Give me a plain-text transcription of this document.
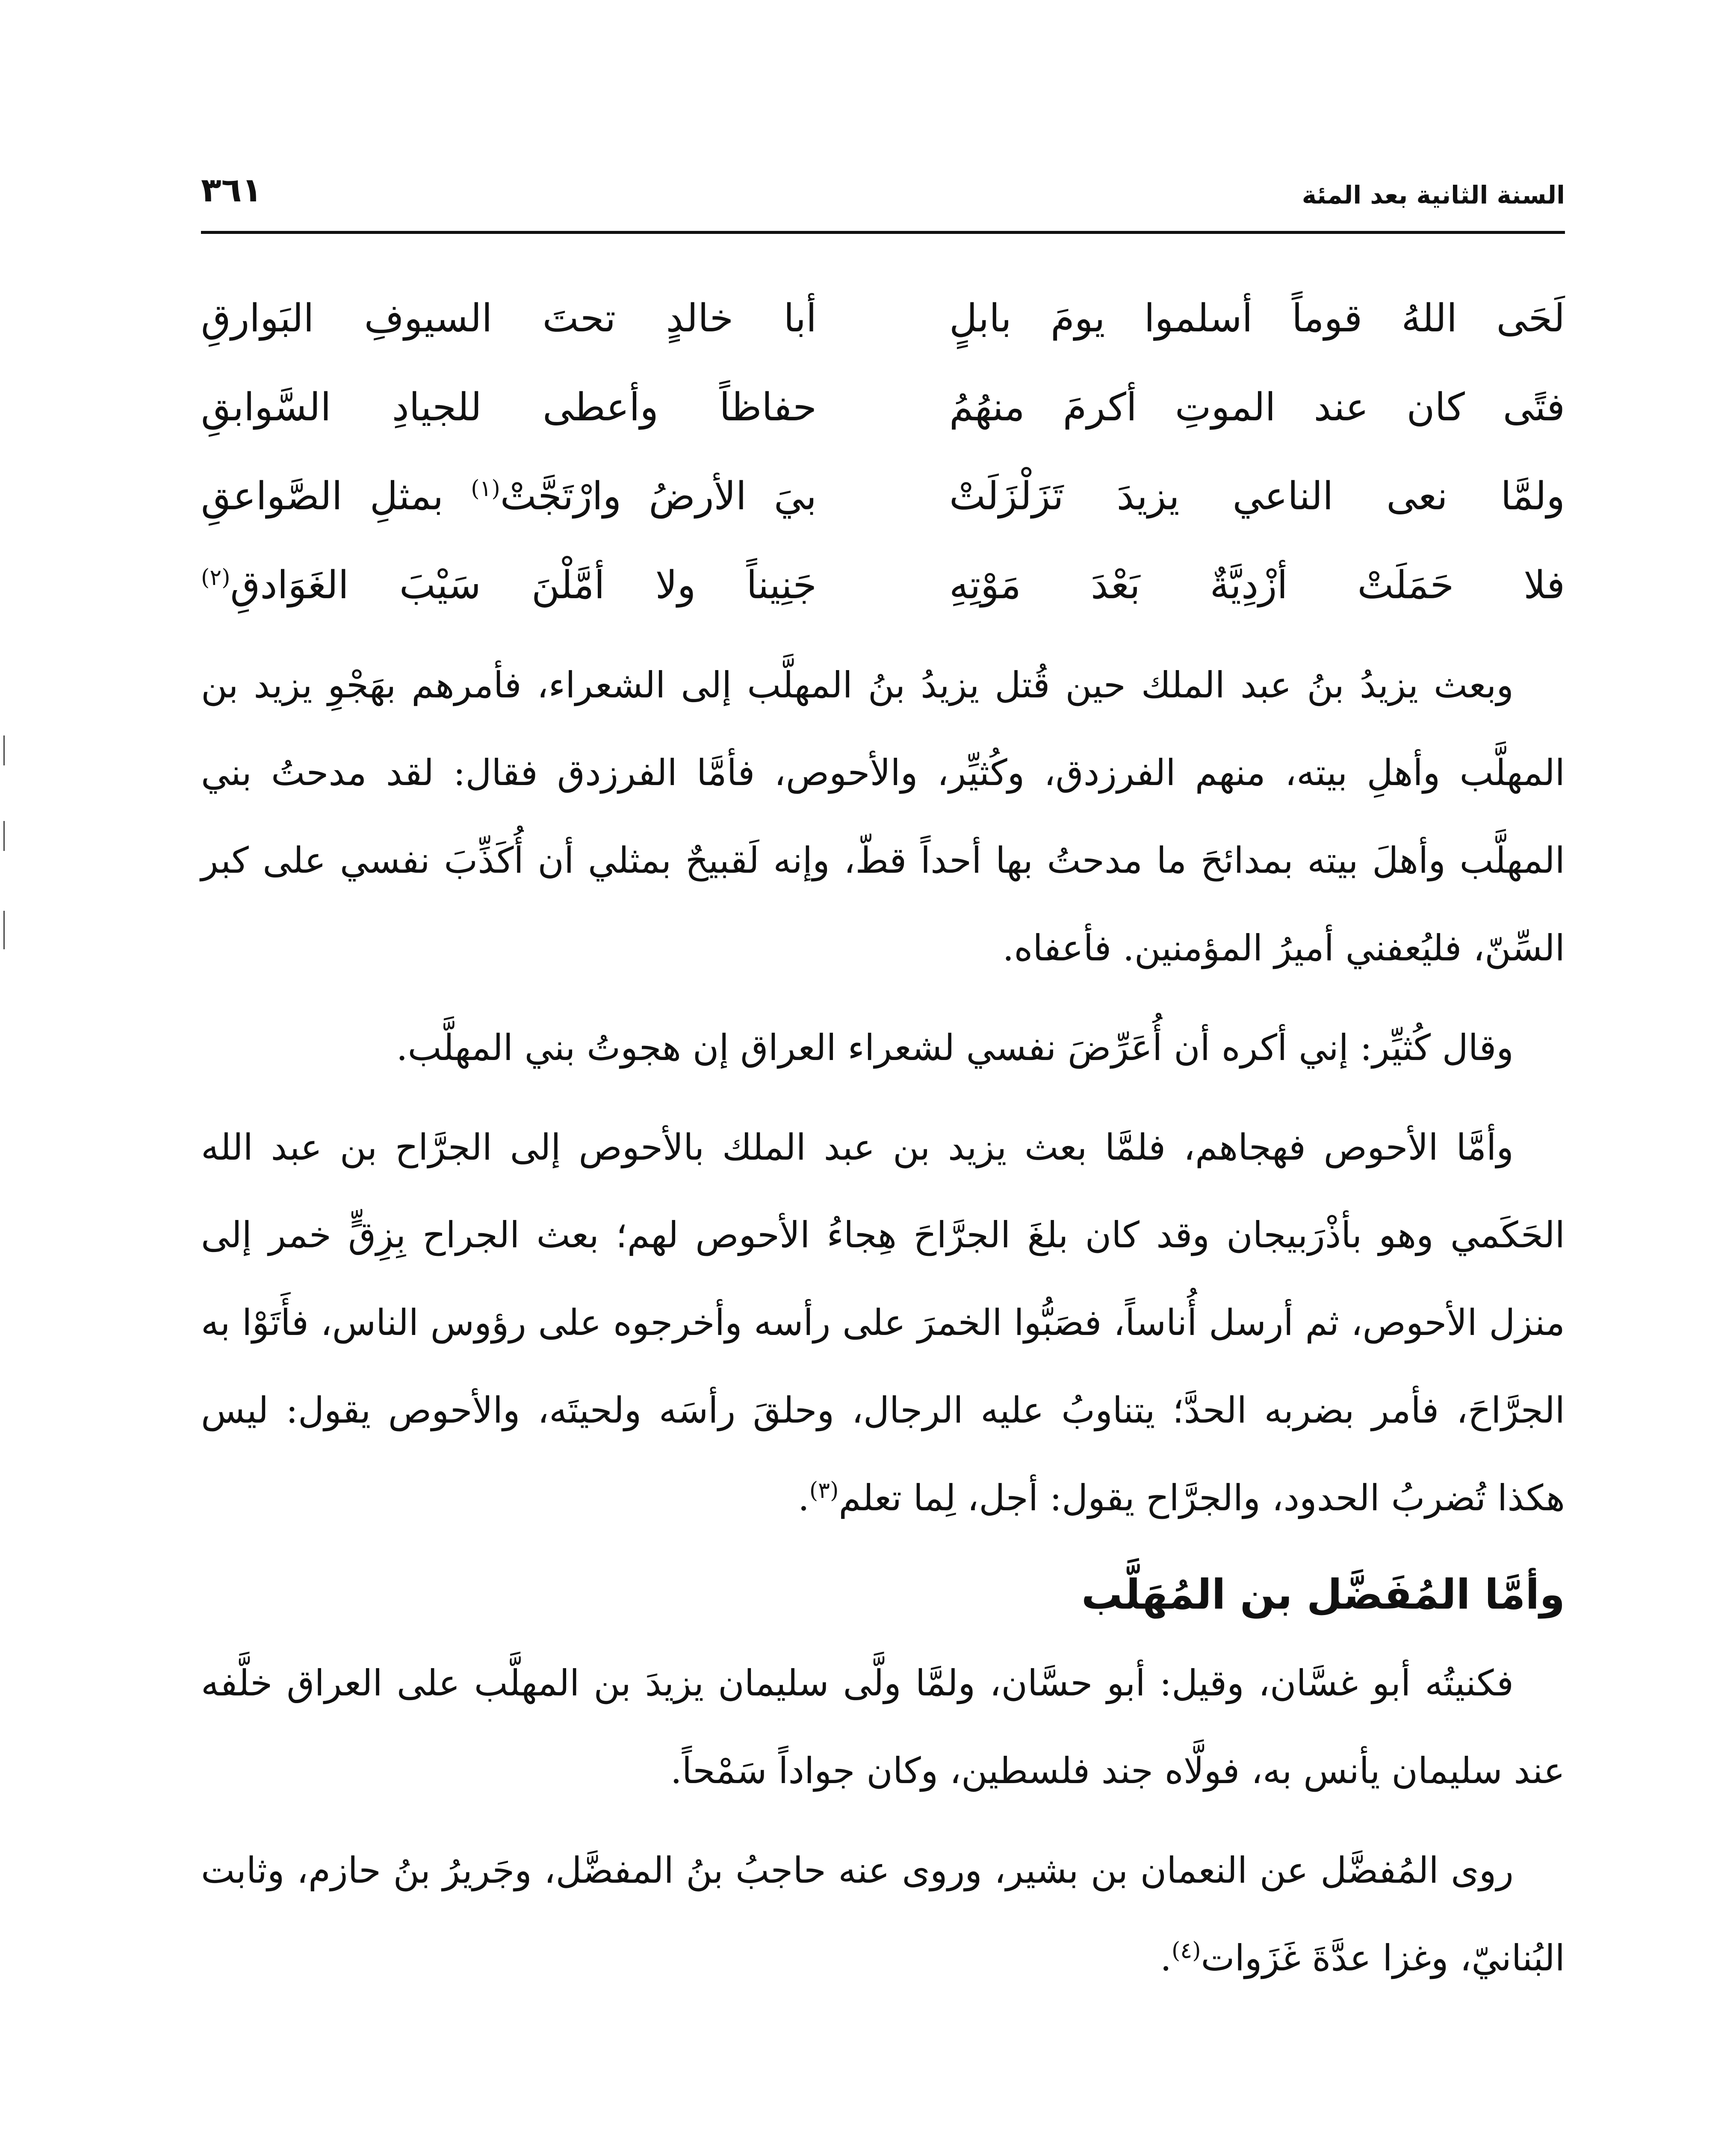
السنة الثانية بعد المئة
٣٦١
لَحَى اللهُ قوماً أسلموا يومَ بابلٍ
أبا خالدٍ تحتَ السيوفِ البَوارقِ
فتًى كان عند الموتِ أكرمَ منهُمُ
حفاظاً وأعطى للجيادِ السَّوابقِ
ولمَّا نعى الناعي يزيدَ تَزَلْزَلَتْ
بيَ الأرضُ وارْتَجَّتْ$^{(١)}$ بمثلِ الصَّواعقِ
فلا حَمَلَتْ أزْدِيَّةٌ بَعْدَ مَوْتِهِ
جَنِيناً ولا أمَّلْنَ سَيْبَ الغَوَادقِ$^{(٢)}$

وبعث يزيدُ بنُ عبد الملك حين قُتل يزيدُ بنُ المهلَّب إلى الشعراء، فأمرهم بهَجْوِ يزيد بن المهلَّب وأهلِ بيته، منهم الفرزدق، وكُثيِّر، والأحوص، فأمَّا الفرزدق فقال: لقد مدحتُ بني المهلَّب وأهلَ بيته بمدائحَ ما مدحتُ بها أحداً قطّ، وإنه لَقبيحٌ بمثلي أن أُكَذِّبَ نفسي على كبر السِّنّ، فليُعفني أميرُ المؤمنين. فأعفاه.

وقال كُثيِّر: إني أكره أن أُعَرِّضَ نفسي لشعراء العراق إن هجوتُ بني المهلَّب.

وأمَّا الأحوص فهجاهم، فلمَّا بعث يزيد بن عبد الملك بالأحوص إلى الجرَّاح بن عبد الله الحَكَمي وهو بأذْرَبيجان وقد كان بلغَ الجرَّاحَ هِجاءُ الأحوص لهم؛ بعث الجراح بِزِقٍّ خمر إلى منزل الأحوص، ثم أرسل أُناساً، فصَبُّوا الخمرَ على رأسه وأخرجوه على رؤوس الناس، فأَتَوْا به الجرَّاحَ، فأمر بضربه الحدَّ؛ يتناوبُ عليه الرجال، وحلقَ رأسَه ولحيتَه، والأحوص يقول: ليس هكذا تُضربُ الحدود، والجرَّاح يقول: أجل، لِما تعلم$^{(٣)}$.

وأمَّا المُفَضَّل بن المُهَلَّب

فكنيتُه أبو غسَّان، وقيل: أبو حسَّان، ولمَّا ولَّى سليمان يزيدَ بن المهلَّب على العراق خلَّفه عند سليمان يأنس به، فولَّاه جند فلسطين، وكان جواداً سَمْحاً.

روى المُفضَّل عن النعمان بن بشير، وروى عنه حاجبُ بنُ المفضَّل، وجَريرُ بنُ حازم، وثابت البُنانيّ، وغزا عدَّةَ غَزَوات$^{(٤)}$.
